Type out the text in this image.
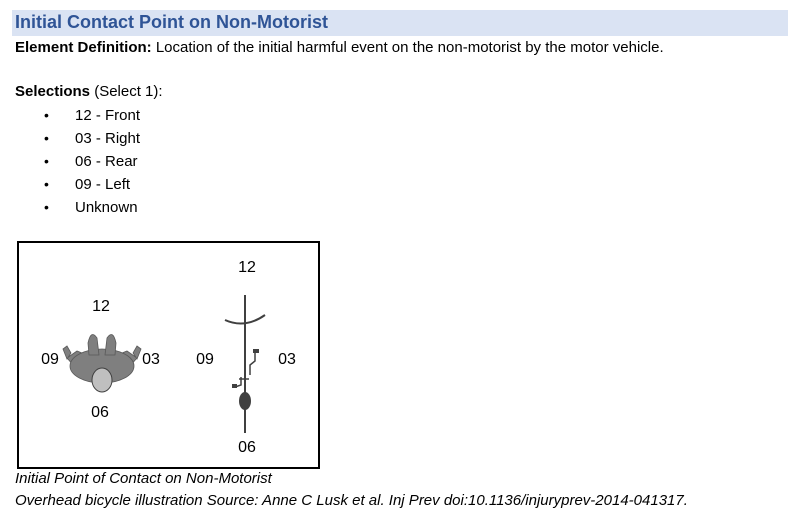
Initial Contact Point on Non-Motorist
Element Definition: Location of the initial harmful event on the non-motorist by the motor vehicle.
Selections (Select 1):
• 12 - Front
• 03 - Right
• 06 - Rear
• 09 - Left
• Unknown
12
03
06
09
12
03
06
09
Initial Point of Contact on Non-Motorist
Overhead bicycle illustration Source: Anne C Lusk et al. Inj Prev doi:10.1136/injuryprev-2014-041317.
